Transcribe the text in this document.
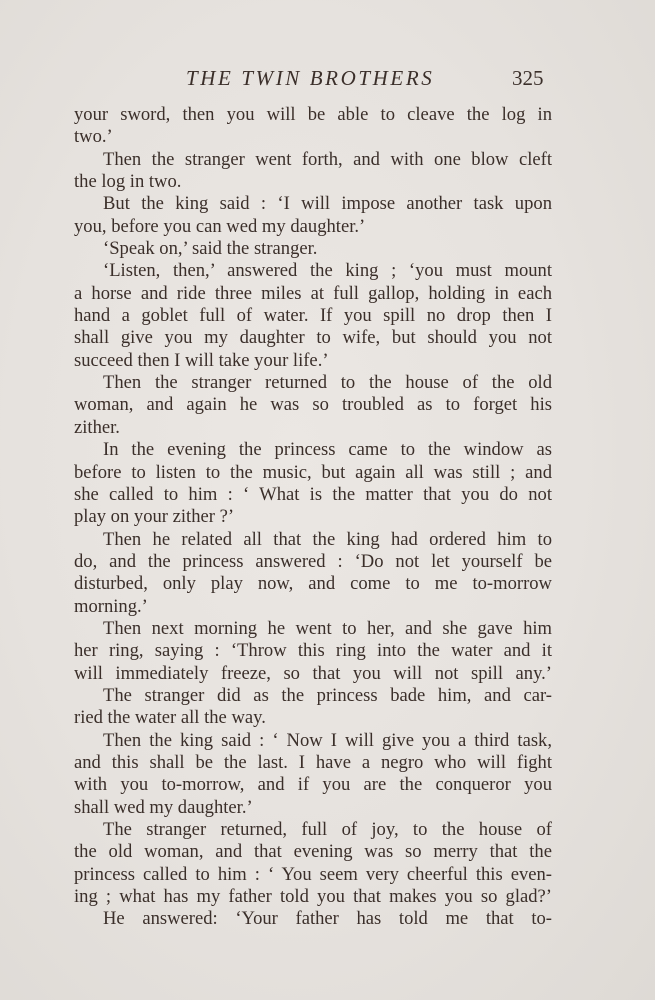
THE TWIN BROTHERS	325
your sword, then you will be able to cleave the log in
two.’
Then the stranger went forth, and with one blow cleft
the log in two.
But the king said : ‘I will impose another task upon
you, before you can wed my daughter.’
‘Speak on,’ said the stranger.
‘Listen, then,’ answered the king ; ‘you must mount
a horse and ride three miles at full gallop, holding in each
hand a goblet full of water. If you spill no drop then I
shall give you my daughter to wife, but should you not
succeed then I will take your life.’
Then the stranger returned to the house of the old
woman, and again he was so troubled as to forget his
zither.
In the evening the princess came to the window as
before to listen to the music, but again all was still ; and
she called to him : ‘ What is the matter that you do not
play on your zither ?’
Then he related all that the king had ordered him to
do, and the princess answered : ‘Do not let yourself be
disturbed, only play now, and come to me to-morrow
morning.’
Then next morning he went to her, and she gave him
her ring, saying : ‘Throw this ring into the water and it
will immediately freeze, so that you will not spill any.’
The stranger did as the princess bade him, and car-
ried the water all the way.
Then the king said : ‘ Now I will give you a third task,
and this shall be the last. I have a negro who will fight
with you to-morrow, and if you are the conqueror you
shall wed my daughter.’
The stranger returned, full of joy, to the house of
the old woman, and that evening was so merry that the
princess called to him : ‘ You seem very cheerful this even-
ing ; what has my father told you that makes you so glad?’
He answered: ‘Your father has told me that to-
